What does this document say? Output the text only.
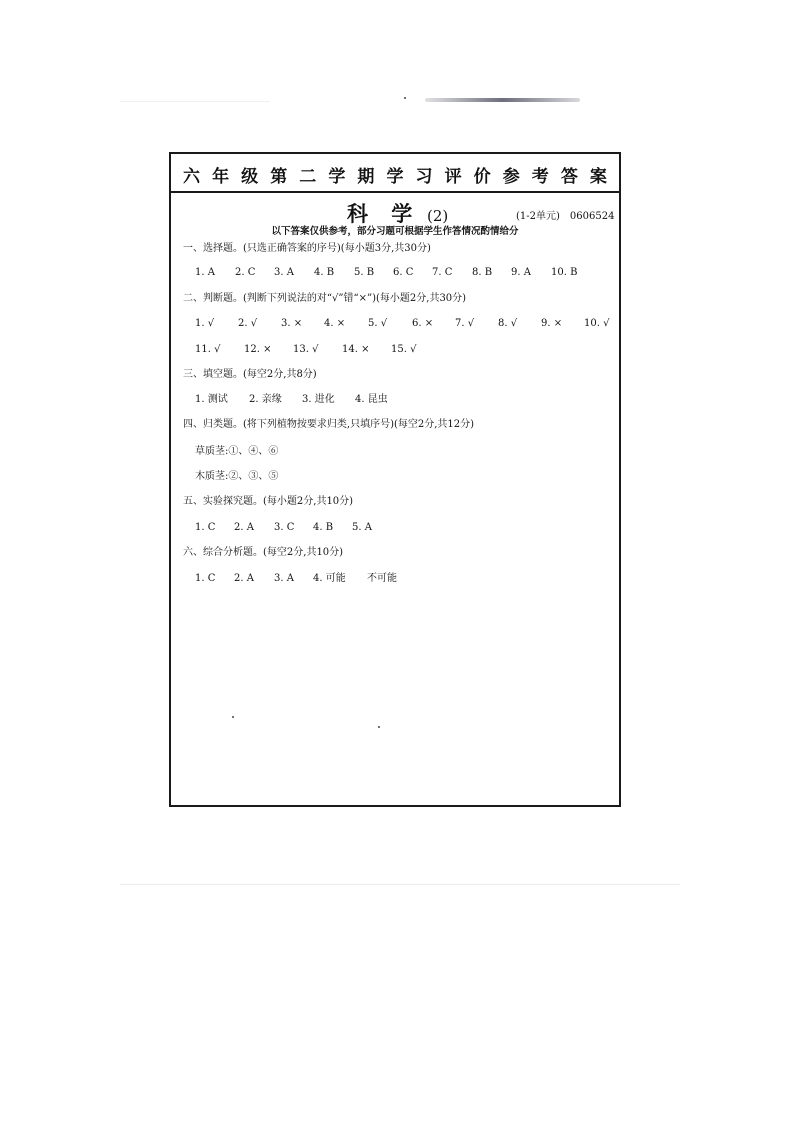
六 年 级 第 二 学 期 学 习 评 价 参 考 答 案
科 学 (2)	(1-2单元)　0606524
以下答案仅供参考，部分习题可根据学生作答情况酌情给分
一、选择题。(只选正确答案的序号)(每小题3分,共30分)
1. A 2. C 3. A 4. B 5. B 6. C 7. C 8. B 9. A 10. B
二、判断题。(判断下列说法的对“√”错“×”)(每小题2分,共30分)
1. √ 2. √ 3. × 4. × 5. √ 6. × 7. √ 8. √ 9. × 10. √
11. √ 12. × 13. √ 14. × 15. √
三、填空题。(每空2分,共8分)
1. 测试 2. 亲缘 3. 进化 4. 昆虫
四、归类题。(将下列植物按要求归类,只填序号)(每空2分,共12分)
草质茎:①、④、⑥
木质茎:②、③、⑤
五、实验探究题。(每小题2分,共10分)
1. C 2. A 3. C 4. B 5. A
六、综合分析题。(每空2分,共10分)
1. C 2. A 3. A 4. 可能 不可能
